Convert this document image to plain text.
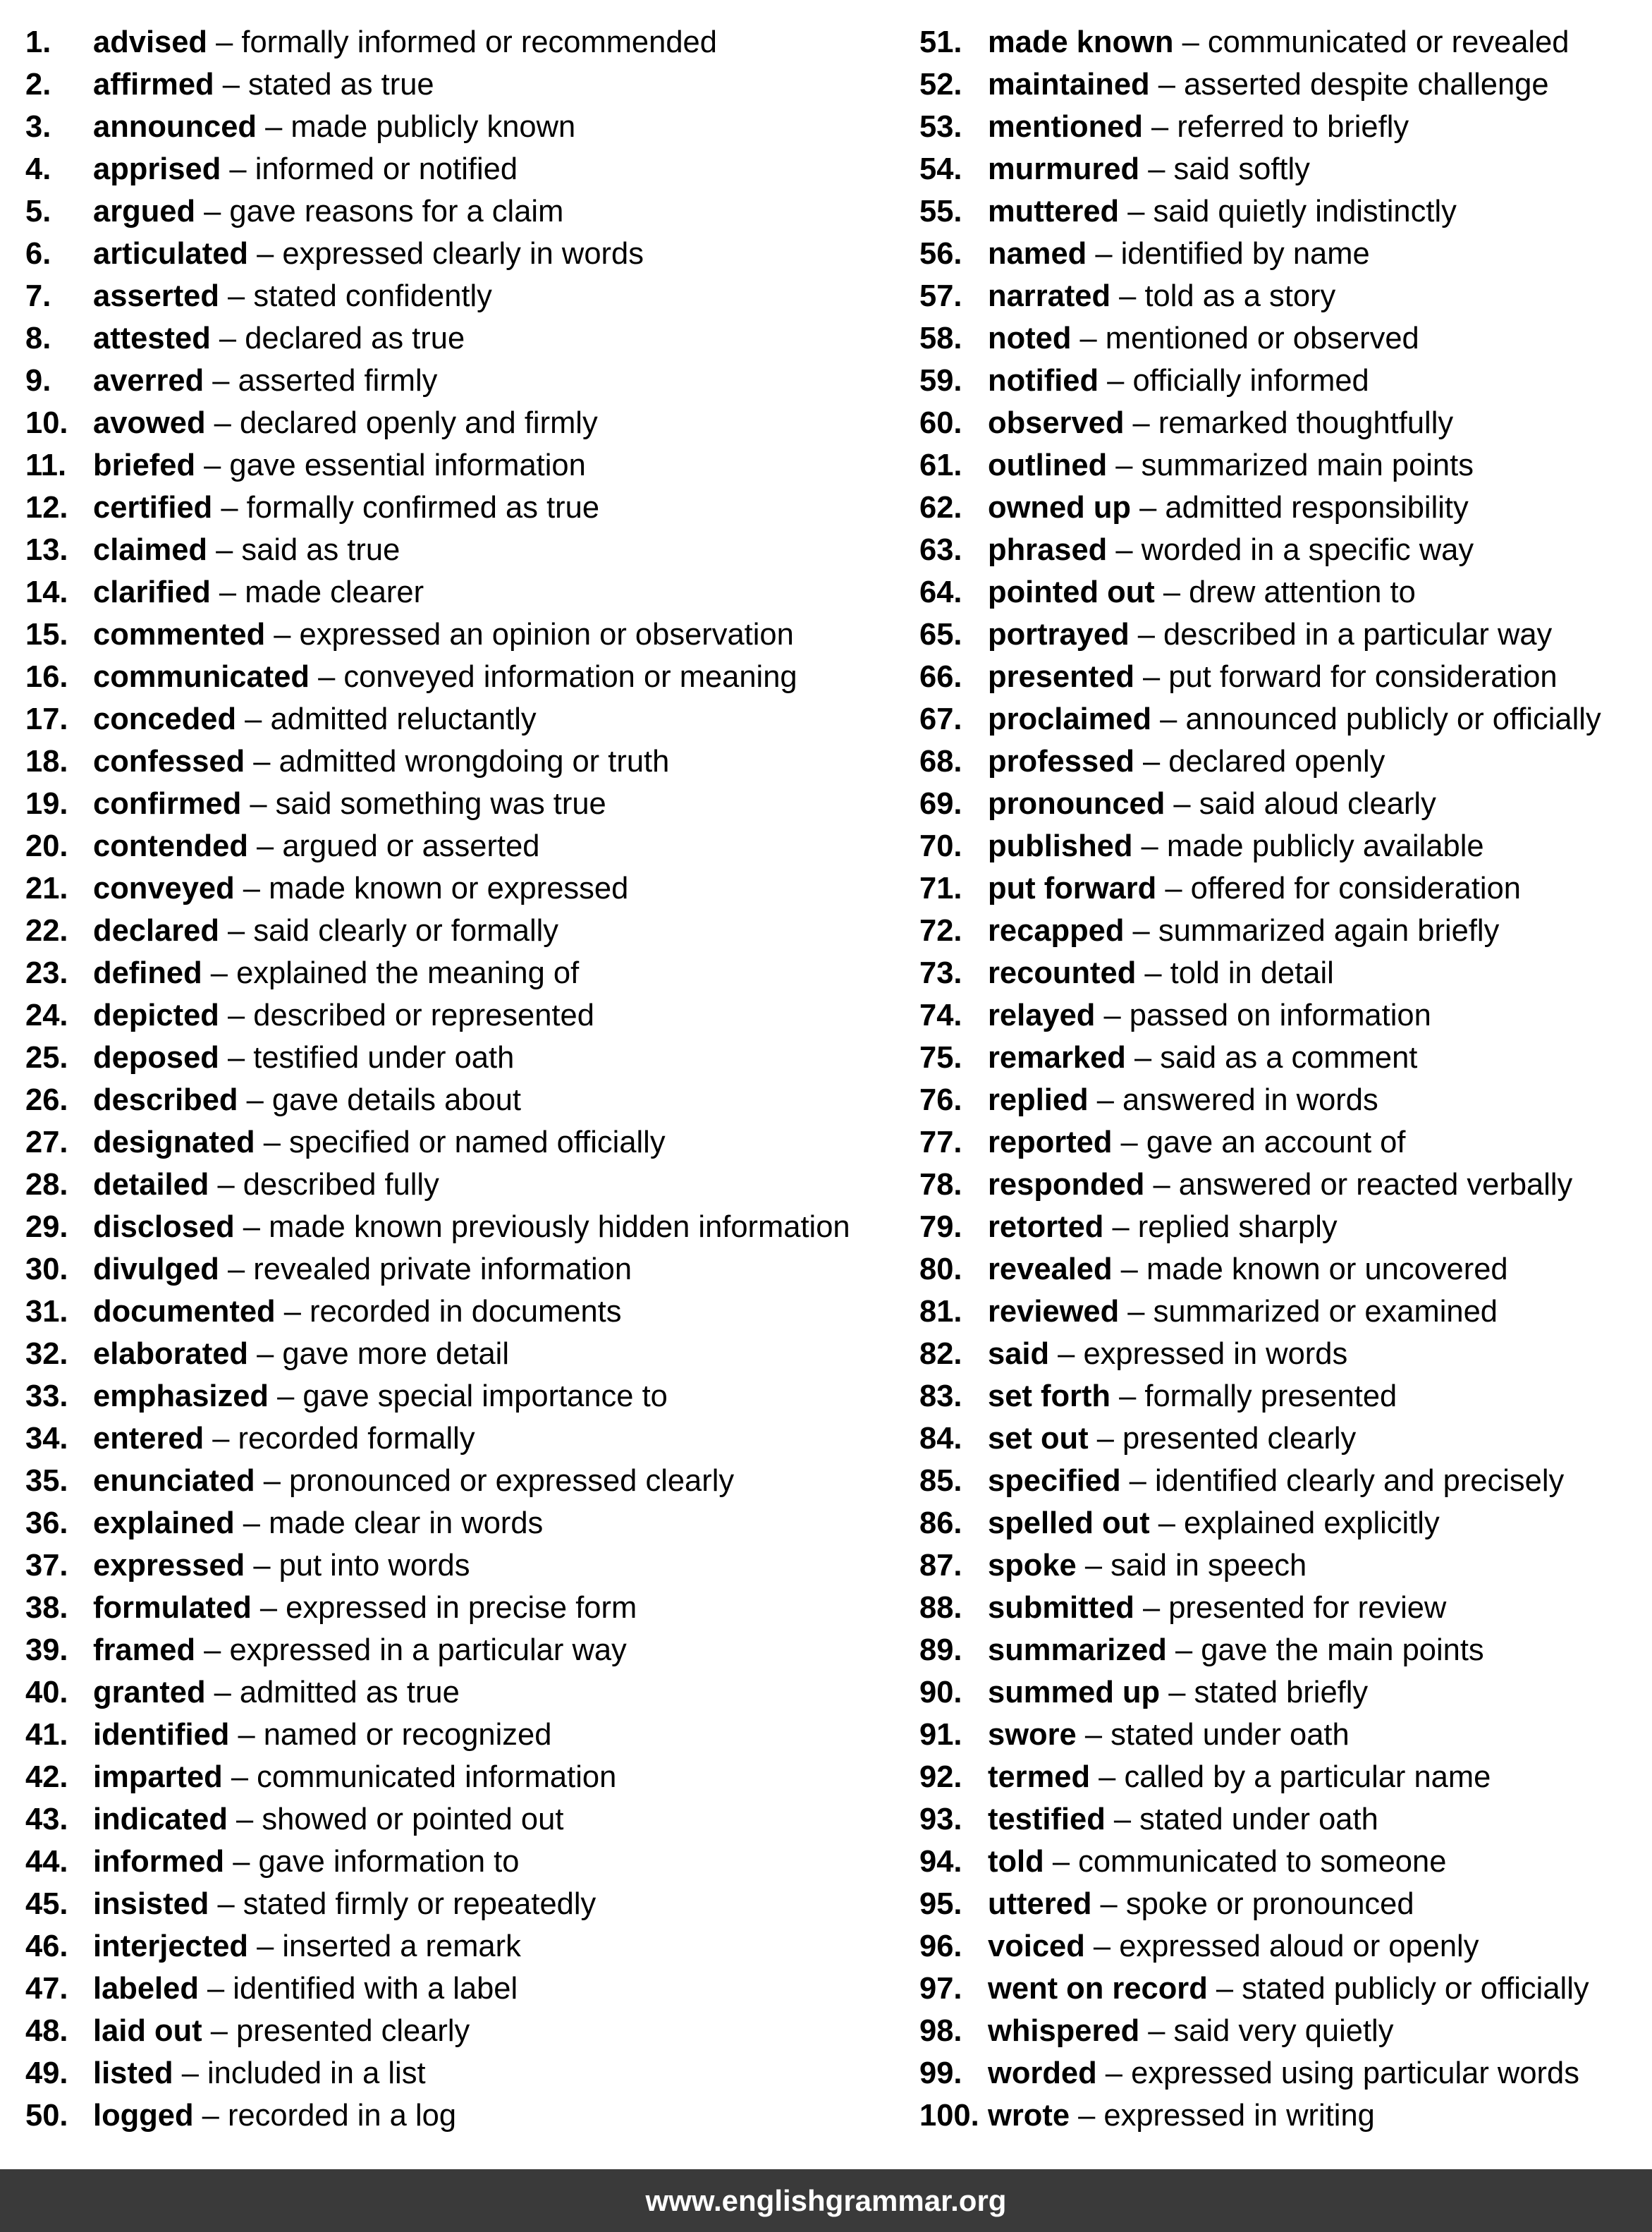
1. advised – formally informed or recommended
2. affirmed – stated as true
3. announced – made publicly known
4. apprised – informed or notified
5. argued – gave reasons for a claim
6. articulated – expressed clearly in words
7. asserted – stated confidently
8. attested – declared as true
9. averred – asserted firmly
10. avowed – declared openly and firmly
11. briefed – gave essential information
12. certified – formally confirmed as true
13. claimed – said as true
14. clarified – made clearer
15. commented – expressed an opinion or observation
16. communicated – conveyed information or meaning
17. conceded – admitted reluctantly
18. confessed – admitted wrongdoing or truth
19. confirmed – said something was true
20. contended – argued or asserted
21. conveyed – made known or expressed
22. declared – said clearly or formally
23. defined – explained the meaning of
24. depicted – described or represented
25. deposed – testified under oath
26. described – gave details about
27. designated – specified or named officially
28. detailed – described fully
29. disclosed – made known previously hidden information
30. divulged – revealed private information
31. documented – recorded in documents
32. elaborated – gave more detail
33. emphasized – gave special importance to
34. entered – recorded formally
35. enunciated – pronounced or expressed clearly
36. explained – made clear in words
37. expressed – put into words
38. formulated – expressed in precise form
39. framed – expressed in a particular way
40. granted – admitted as true
41. identified – named or recognized
42. imparted – communicated information
43. indicated – showed or pointed out
44. informed – gave information to
45. insisted – stated firmly or repeatedly
46. interjected – inserted a remark
47. labeled – identified with a label
48. laid out – presented clearly
49. listed – included in a list
50. logged – recorded in a log
51. made known – communicated or revealed
52. maintained – asserted despite challenge
53. mentioned – referred to briefly
54. murmured – said softly
55. muttered – said quietly indistinctly
56. named – identified by name
57. narrated – told as a story
58. noted – mentioned or observed
59. notified – officially informed
60. observed – remarked thoughtfully
61. outlined – summarized main points
62. owned up – admitted responsibility
63. phrased – worded in a specific way
64. pointed out – drew attention to
65. portrayed – described in a particular way
66. presented – put forward for consideration
67. proclaimed – announced publicly or officially
68. professed – declared openly
69. pronounced – said aloud clearly
70. published – made publicly available
71. put forward – offered for consideration
72. recapped – summarized again briefly
73. recounted – told in detail
74. relayed – passed on information
75. remarked – said as a comment
76. replied – answered in words
77. reported – gave an account of
78. responded – answered or reacted verbally
79. retorted – replied sharply
80. revealed – made known or uncovered
81. reviewed – summarized or examined
82. said – expressed in words
83. set forth – formally presented
84. set out – presented clearly
85. specified – identified clearly and precisely
86. spelled out – explained explicitly
87. spoke – said in speech
88. submitted – presented for review
89. summarized – gave the main points
90. summed up – stated briefly
91. swore – stated under oath
92. termed – called by a particular name
93. testified – stated under oath
94. told – communicated to someone
95. uttered – spoke or pronounced
96. voiced – expressed aloud or openly
97. went on record – stated publicly or officially
98. whispered – said very quietly
99. worded – expressed using particular words
100. wrote – expressed in writing
www.englishgrammar.org
